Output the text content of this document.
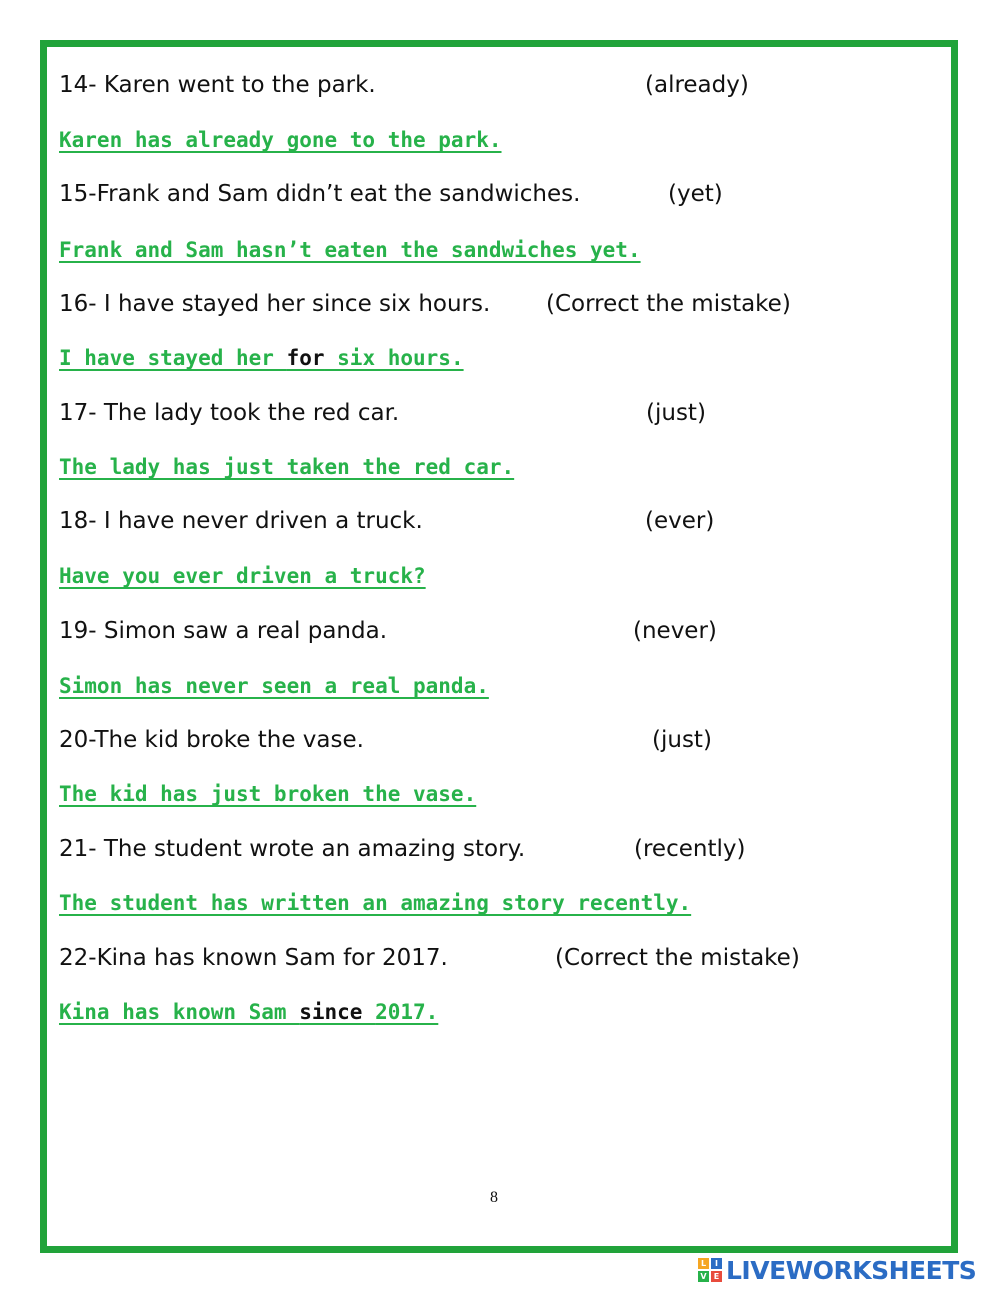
14- Karen went to the park.	(already)
Karen has already gone to the park.
15-Frank and Sam didn’t eat the sandwiches.	(yet)
Frank and Sam hasn’t eaten the sandwiches yet.
16- I have stayed her since six hours. (Correct the mistake)
I have stayed her for six hours.
17- The lady took the red car.	(just)
The lady has just taken the red car.
18- I have never driven a truck.	(ever)
Have you ever driven a truck?
19- Simon saw a real panda.	(never)
Simon has never seen a real panda.
20-The kid broke the vase.	(just)
The kid has just broken the vase.
21- The student wrote an amazing story.	(recently)
The student has written an amazing story recently.
22-Kina has known Sam for 2017.	(Correct the mistake)
Kina has known Sam since 2017.
8
L	I
V E LIVEWORKSHEETS
